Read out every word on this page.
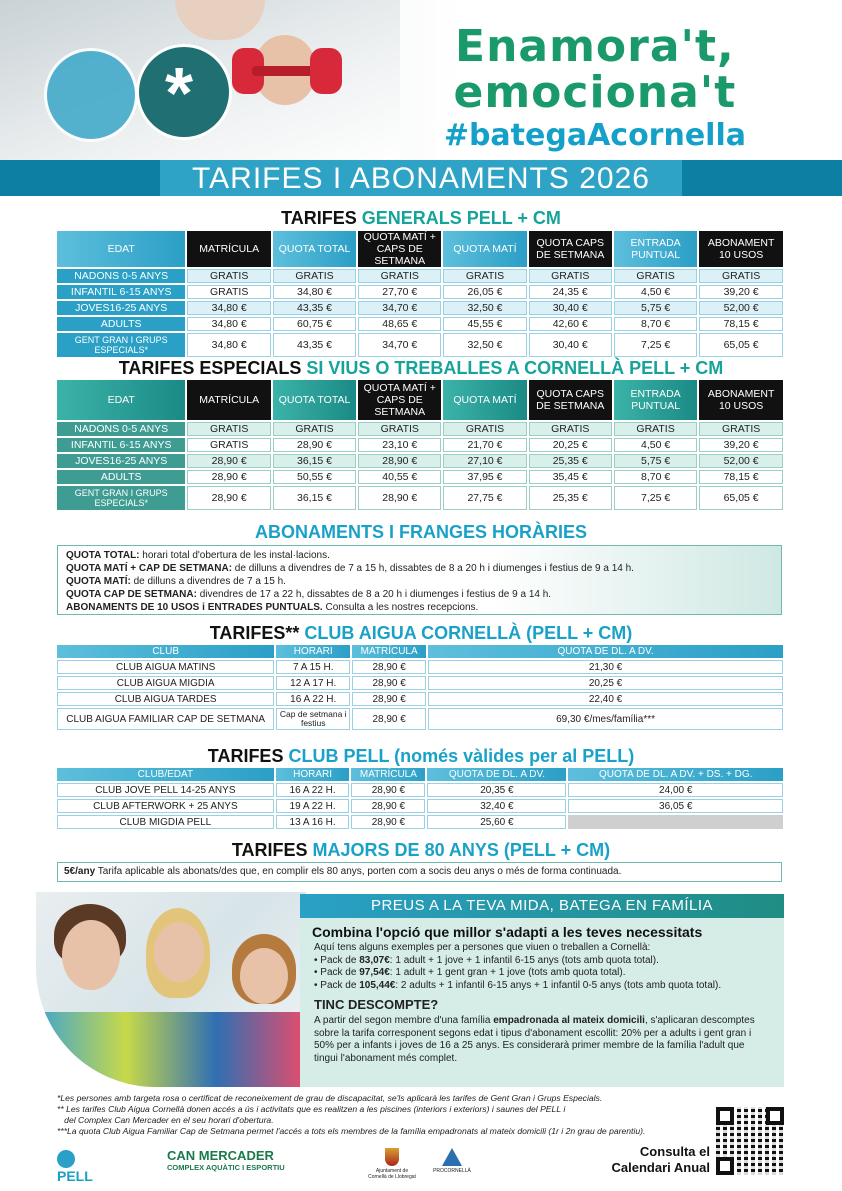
*
Enamora't,
emociona't
#bategaAcornella
TARIFES I ABONAMENTS 2026
TARIFES GENERALS PELL + CM
EDAT	MATRÍCULA	QUOTA TOTAL	QUOTA MATÍ + CAPS DE SETMANA	QUOTA MATÍ	QUOTA CAPS DE SETMANA	ENTRADA PUNTUAL	ABONAMENT 10 USOS
NADONS 0-5 ANYS	GRATIS	GRATIS	GRATIS	GRATIS	GRATIS	GRATIS	GRATIS
INFANTIL 6-15 ANYS	GRATIS	34,80 €	27,70 €	26,05 €	24,35 €	4,50 €	39,20 €
JOVES16-25 ANYS	34,80 €	43,35 €	34,70 €	32,50 €	30,40 €	5,75 €	52,00 €
ADULTS	34,80 €	60,75 €	48,65 €	45,55 €	42,60 €	8,70 €	78,15 €
GENT GRAN I GRUPS ESPECIALS*	34,80 €	43,35 €	34,70 €	32,50 €	30,40 €	7,25 €	65,05 €
TARIFES ESPECIALS SI VIUS O TREBALLES A CORNELLÀ PELL + CM
EDAT	MATRÍCULA	QUOTA TOTAL	QUOTA MATÍ + CAPS DE SETMANA	QUOTA MATÍ	QUOTA CAPS DE SETMANA	ENTRADA PUNTUAL	ABONAMENT 10 USOS
NADONS 0-5 ANYS	GRATIS	GRATIS	GRATIS	GRATIS	GRATIS	GRATIS	GRATIS
INFANTIL 6-15 ANYS	GRATIS	28,90 €	23,10 €	21,70 €	20,25 €	4,50 €	39,20 €
JOVES16-25 ANYS	28,90 €	36,15 €	28,90 €	27,10 €	25,35 €	5,75 €	52,00 €
ADULTS	28,90 €	50,55 €	40,55 €	37,95 €	35,45 €	8,70 €	78,15 €
GENT GRAN I GRUPS ESPECIALS*	28,90 €	36,15 €	28,90 €	27,75 €	25,35 €	7,25 €	65,05 €
ABONAMENTS I FRANGES HORÀRIES
QUOTA TOTAL: horari total d'obertura de les instal·lacions.
QUOTA MATÍ + CAP DE SETMANA: de dilluns a divendres de 7 a 15 h, dissabtes de 8 a 20 h i diumenges i festius de 9 a 14 h.
QUOTA MATÍ: de dilluns a divendres de 7 a 15 h.
QUOTA CAP DE SETMANA: divendres de 17 a 22 h, dissabtes de 8 a 20 h i diumenges i festius de 9 a 14 h.
ABONAMENTS DE 10 USOS i ENTRADES PUNTUALS. Consulta a les nostres recepcions.
TARIFES** CLUB AIGUA CORNELLÀ (PELL + CM)
CLUB	HORARI	MATRÍCULA	QUOTA DE DL. A DV.
CLUB AIGUA MATINS	7 A 15 H.	28,90 €	21,30 €
CLUB AIGUA MIGDIA	12 A 17 H.	28,90 €	20,25 €
CLUB AIGUA TARDES	16 A 22 H.	28,90 €	22,40 €
CLUB AIGUA FAMILIAR CAP DE SETMANA	Cap de setmana i festius	28,90 €	69,30 €/mes/família***
TARIFES CLUB PELL (només vàlides per al PELL)
CLUB/EDAT	HORARI	MATRÍCULA	QUOTA DE DL. A DV.	QUOTA DE DL. A DV. + DS. + DG.
CLUB JOVE PELL 14-25 ANYS	16 A 22 H.	28,90 €	20,35 €	24,00 €
CLUB AFTERWORK + 25 ANYS	19 A 22 H.	28,90 €	32,40 €	36,05 €
CLUB MIGDIA PELL	13 A 16 H.	28,90 €	25,60 €	
TARIFES MAJORS DE 80 ANYS (PELL + CM)
5€/any Tarifa aplicable als abonats/des que, en complir els 80 anys, porten com a socis deu anys o més de forma continuada.
PREUS A LA TEVA MIDA, BATEGA EN FAMÍLIA
Combina l'opció que millor s'adapti a les teves necessitats
Aquí tens alguns exemples per a persones que viuen o treballen a Cornellà:
• Pack de 83,07€: 1 adult + 1 jove + 1 infantil 6-15 anys (tots amb quota total).
• Pack de 97,54€: 1 adult + 1 gent gran + 1 jove (tots amb quota total).
• Pack de 105,44€: 2 adults + 1 infantil 6-15 anys + 1 infantil 0-5 anys (tots amb quota total).
TINC DESCOMPTE?
A partir del segon membre d'una família empadronada al mateix domicili, s'aplicaran descomptes sobre la tarifa corresponent segons edat i tipus d'abonament escollit: 20% per a adults i gent gran i 50% per a infants i joves de 16 a 25 anys. Es considerarà primer membre de la família l'adult que tingui l'abonament més complet.
*Les persones amb targeta rosa o certificat de reconeixement de grau de discapacitat, se'ls aplicarà les tarifes de Gent Gran i Grups Especials.
** Les tarifes Club Aigua Cornellà donen accés a ús i activitats que es realitzen a les piscines (interiors i exteriors) i saunes del PELL i
del Complex Can Mercader en el seu horari d'obertura.
***La quota Club Aigua Familiar Cap de Setmana permet l'accés a tots els membres de la família empadronats al mateix domicili (1r i 2n grau de parentiu).
PELL
CAN MERCADER
COMPLEX AQUÀTIC I ESPORTIU	Ajuntament de Cornellà de Llobregat
PROCORNELLÀ
Consulta el
Calendari Anual
